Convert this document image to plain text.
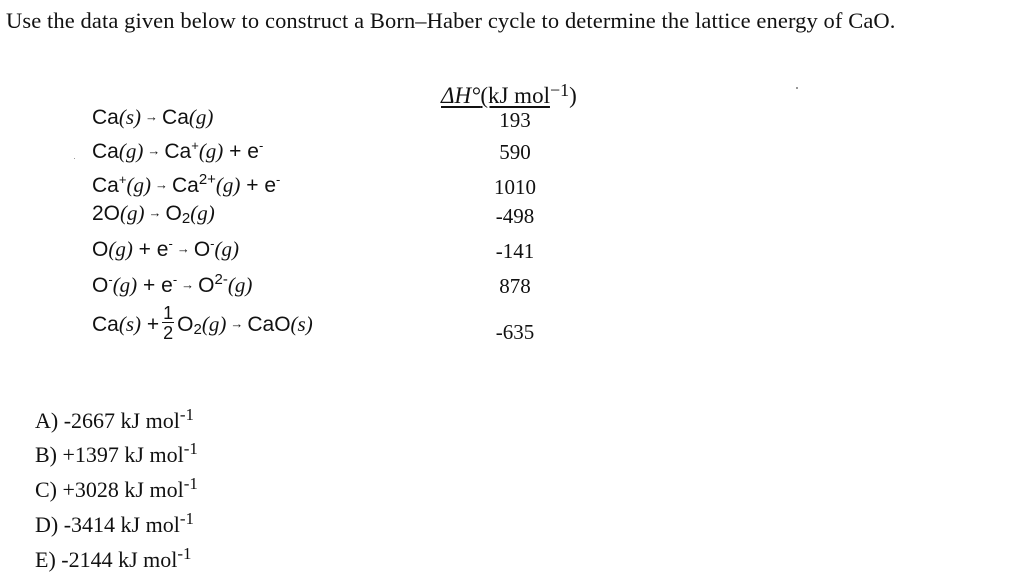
Use the data given below to construct a Born–Haber cycle to determine the lattice energy of CaO.
ΔH°(kJ mol$^{-1}$)
Ca(s) → Ca(g)	193
Ca(g) → Ca+(g) + e-	590
$Ca^+(g) \to Ca^{2+}(g) + e^-$	1010
$2O(g) \to O_2(g)$	-498
O(g) + e- → O-(g)	-141
$O^-(g) + e^- \to O^{2-}(g)$	878
$Ca(s) + \frac{1}{2} O_2(g) \to CaO(s)$	-635
A) -2667 kJ mol$^{-1}$
B) +1397 kJ mol$^{-1}$
C) +3028 kJ mol$^{-1}$
D) -3414 kJ mol$^{-1}$
E) -2144 kJ mol$^{-1}$
